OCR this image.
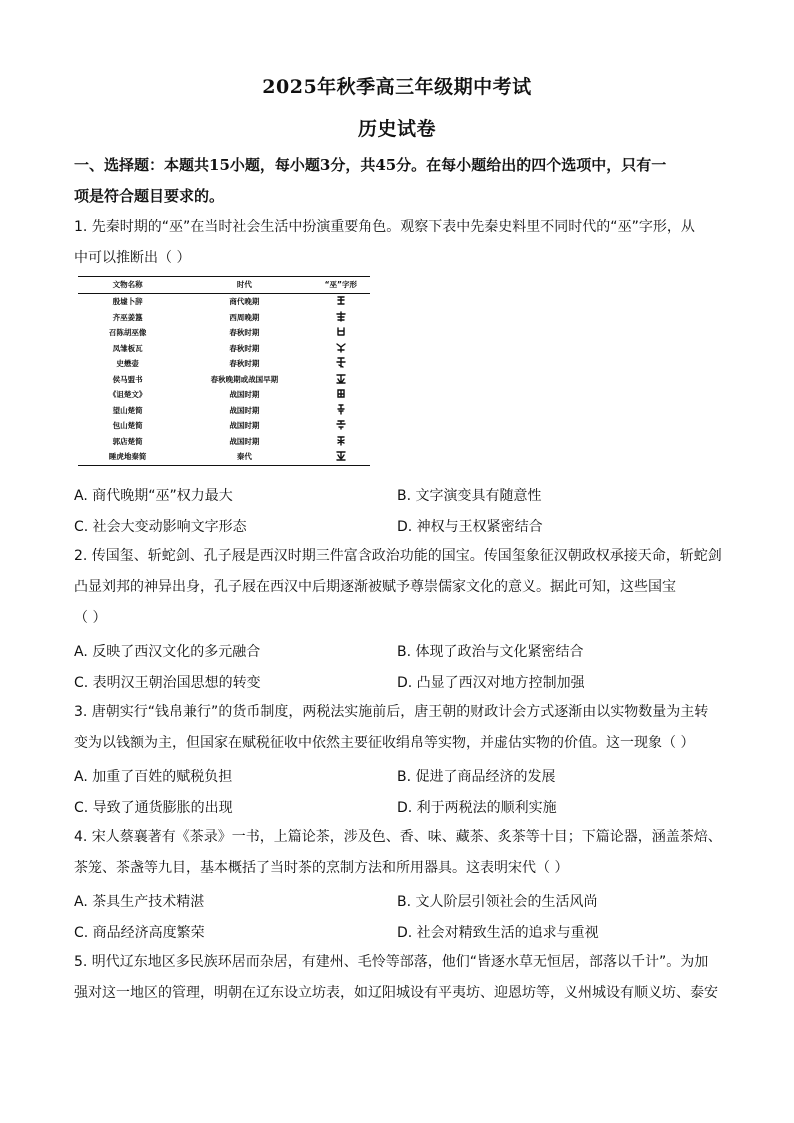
2025年秋季高三年级期中考试
历史试卷
一、选择题：本题共15小题，每小题3分，共45分。在每小题给出的四个选项中，只有一
项是符合题目要求的。
1. 先秦时期的“巫”在当时社会生活中扮演重要角色。观察下表中先秦史料里不同时代的“巫”字形，从
中可以推断出（ ）
文物名称	时代	“巫”字形
殷墟卜辞	商代晚期	

齐巫姜簋	西周晚期	

召陈胡巫像	春秋时期	

凤雏板瓦	春秋时期	

史懋壶	春秋时期	

侯马盟书	春秋晚期或战国早期	

《诅楚文》	战国时期	

望山楚简	战国时期	

包山楚简	战国时期	

郭店楚简	战国时期	

睡虎地秦简	秦代	
A. 商代晚期“巫”权力最大	B. 文字演变具有随意性
C. 社会大变动影响文字形态	D. 神权与王权紧密结合
2. 传国玺、斩蛇剑、孔子屐是西汉时期三件富含政治功能的国宝。传国玺象征汉朝政权承接天命，斩蛇剑
凸显刘邦的神异出身，孔子屐在西汉中后期逐渐被赋予尊崇儒家文化的意义。据此可知，这些国宝
（ ）
A. 反映了西汉文化的多元融合	B. 体现了政治与文化紧密结合
C. 表明汉王朝治国思想的转变	D. 凸显了西汉对地方控制加强
3. 唐朝实行“钱帛兼行”的货币制度，两税法实施前后，唐王朝的财政计会方式逐渐由以实物数量为主转
变为以钱额为主，但国家在赋税征收中依然主要征收绢帛等实物，并虚估实物的价值。这一现象（ ）
A. 加重了百姓的赋税负担	B. 促进了商品经济的发展
C. 导致了通货膨胀的出现	D. 利于两税法的顺利实施
4. 宋人蔡襄著有《茶录》一书，上篇论茶，涉及色、香、味、藏茶、炙茶等十目；下篇论器，涵盖茶焙、
茶笼、茶盏等九目，基本概括了当时茶的烹制方法和所用器具。这表明宋代（ ）
A. 茶具生产技术精湛	B. 文人阶层引领社会的生活风尚
C. 商品经济高度繁荣	D. 社会对精致生活的追求与重视
5. 明代辽东地区多民族环居而杂居，有建州、毛怜等部落，他们“皆逐水草无恒居，部落以千计”。为加
强对这一地区的管理，明朝在辽东设立坊表，如辽阳城设有平夷坊、迎恩坊等，义州城设有顺义坊、泰安
